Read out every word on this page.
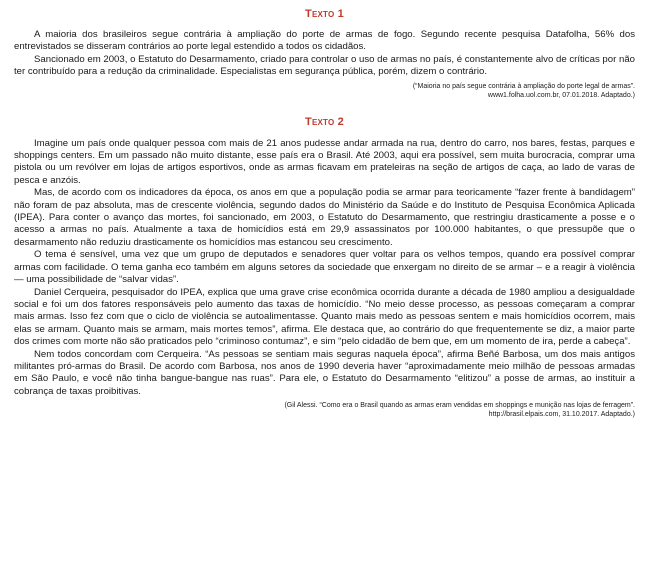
Texto 1

A maioria dos brasileiros segue contrária à ampliação do porte de armas de fogo. Segundo recente pesquisa Datafolha, 56% dos entrevistados se disseram contrários ao porte legal estendido a todos os cidadãos.

Sancionado em 2003, o Estatuto do Desarmamento, criado para controlar o uso de armas no país, é constantemente alvo de críticas por não ter contribuído para a redução da criminalidade. Especialistas em segurança pública, porém, dizem o contrário.

(“Maioria no país segue contrária à ampliação do porte legal de armas”.
www1.folha.uol.com.br, 07.01.2018. Adaptado.)
Texto 2

Imagine um país onde qualquer pessoa com mais de 21 anos pudesse andar armada na rua, dentro do carro, nos bares, festas, parques e shoppings centers. Em um passado não muito distante, esse país era o Brasil. Até 2003, aqui era possível, sem muita burocracia, comprar uma pistola ou um revólver em lojas de artigos esportivos, onde as armas ficavam em prateleiras na seção de artigos de caça, ao lado de varas de pesca e anzóis.

Mas, de acordo com os indicadores da época, os anos em que a população podia se armar para teoricamente “fazer frente à bandidagem” não foram de paz absoluta, mas de crescente violência, segundo dados do Ministério da Saúde e do Instituto de Pesquisa Econômica Aplicada (IPEA). Para conter o avanço das mortes, foi sancionado, em 2003, o Estatuto do Desarmamento, que restringiu drasticamente a posse e o acesso a armas no país. Atualmente a taxa de homicídios está em 29,9 assassinatos por 100.000 habitantes, o que pressupõe que o desarmamento não reduziu drasticamente os homicídios mas estancou seu crescimento.

O tema é sensível, uma vez que um grupo de deputados e senadores quer voltar para os velhos tempos, quando era possível comprar armas com facilidade. O tema ganha eco também em alguns setores da sociedade que enxergam no direito de se armar – e a reagir à violência — uma possibilidade de “salvar vidas”.

Daniel Cerqueira, pesquisador do IPEA, explica que uma grave crise econômica ocorrida durante a década de 1980 ampliou a desigualdade social e foi um dos fatores responsáveis pelo aumento das taxas de homicídio. “No meio desse processo, as pessoas começaram a comprar mais armas. Isso fez com que o ciclo de violência se autoalimentasse. Quanto mais medo as pessoas sentem e mais homicídios ocorrem, mais elas se armam. Quanto mais se armam, mais mortes temos”, afirma. Ele destaca que, ao contrário do que frequentemente se diz, a maior parte dos crimes com morte não são praticados pelo “criminoso contumaz”, e sim “pelo cidadão de bem que, em um momento de ira, perde a cabeça”.

Nem todos concordam com Cerqueira. “As pessoas se sentiam mais seguras naquela época”, afirma Beñé Barbosa, um dos mais antigos militantes pró-armas do Brasil. De acordo com Barbosa, nos anos de 1990 deveria haver “aproximadamente meio milhão de pessoas armadas em São Paulo, e você não tinha bangue-bangue nas ruas”. Para ele, o Estatuto do Desarmamento “elitizou” a posse de armas, ao instituir a cobrança de taxas proibitivas.

(Gil Alessi. “Como era o Brasil quando as armas eram vendidas em shoppings e munição nas lojas de ferragem”.
http://brasil.elpais.com, 31.10.2017. Adaptado.)
